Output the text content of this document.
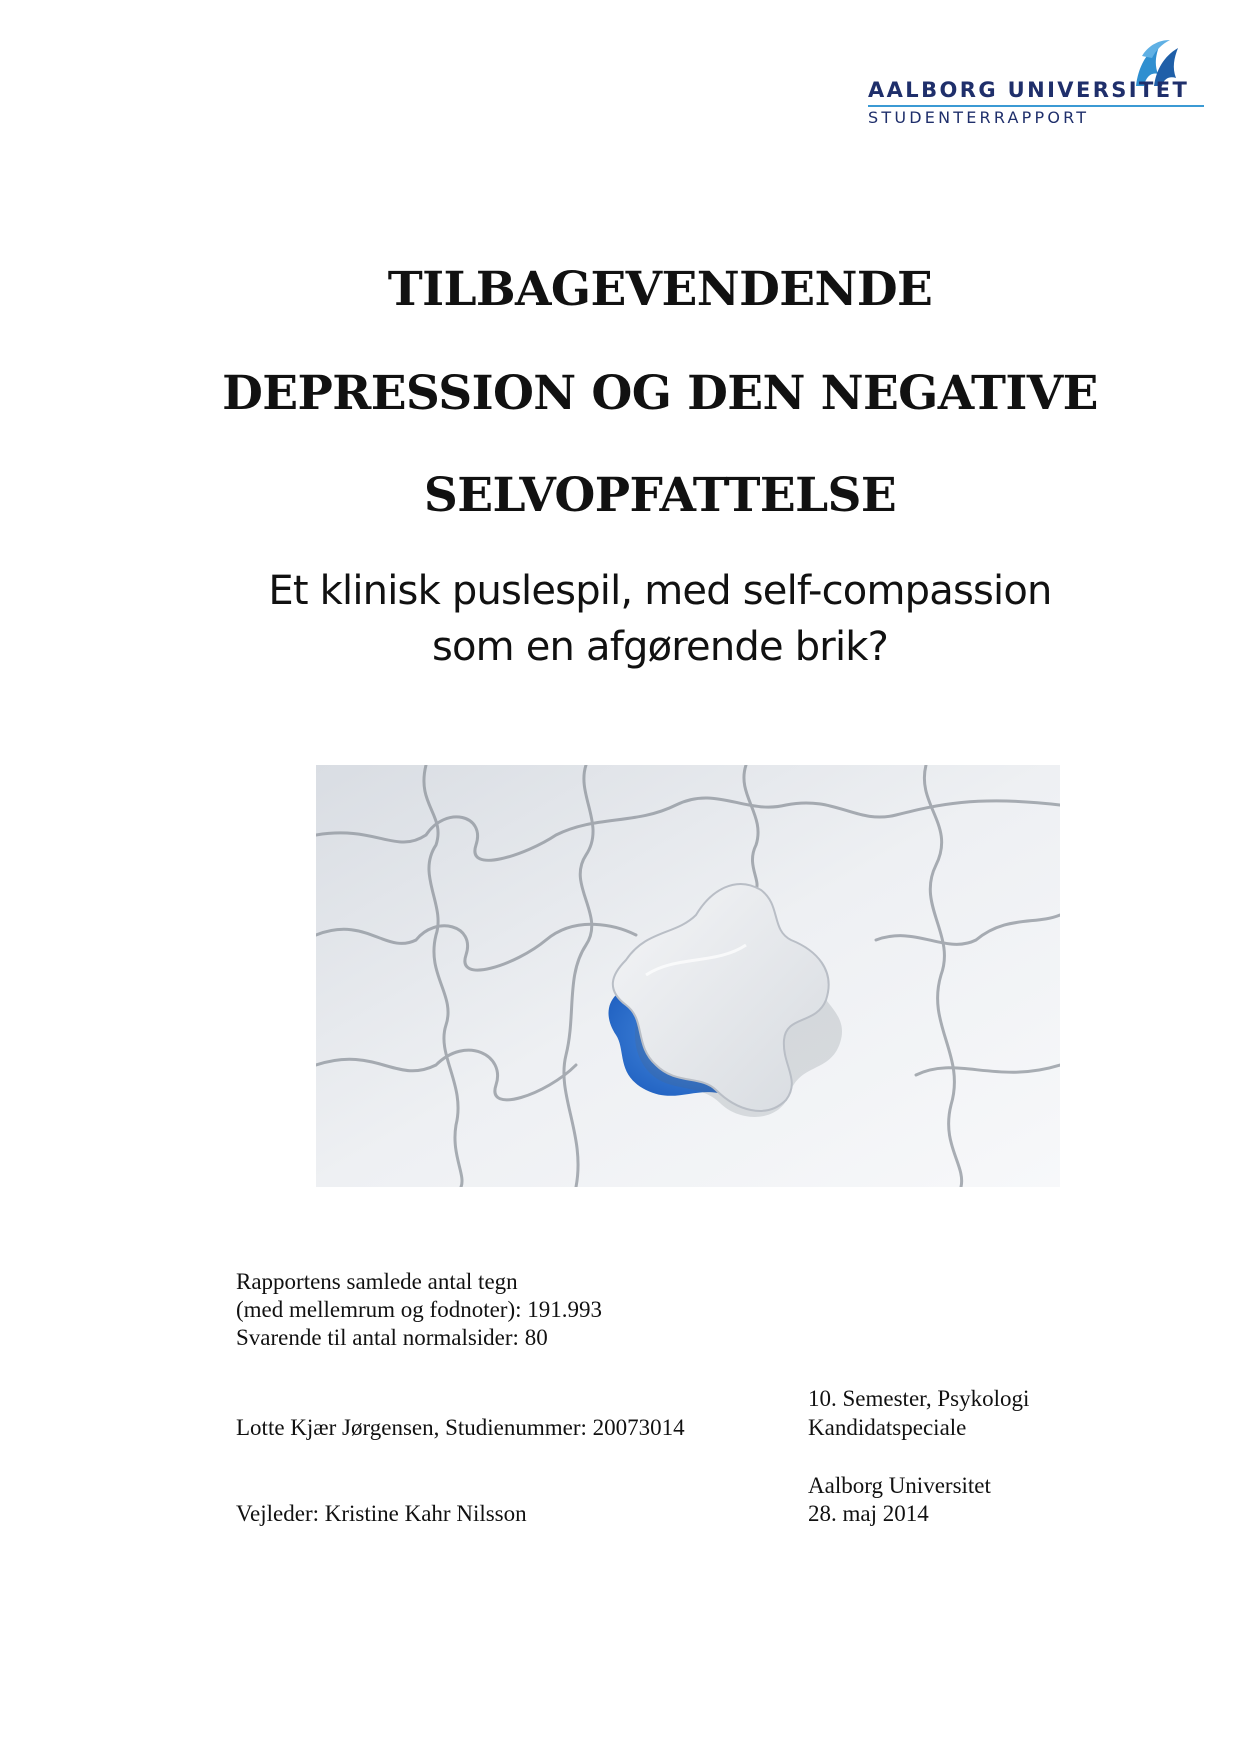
AALBORG UNIVERSITET
STUDENTERRAPPORT
TILBAGEVENDENDE
DEPRESSION OG DEN NEGATIVE
SELVOPFATTELSE
Et klinisk puslespil, med self-compassion
som en afgørende brik?
Rapportens samlede antal tegn
(med mellemrum og fodnoter): 191.993
Svarende til antal normalsider: 80
Lotte Kjær Jørgensen, Studienummer: 20073014
Vejleder: Kristine Kahr Nilsson
10. Semester, Psykologi
Kandidatspeciale
Aalborg Universitet
28. maj 2014
